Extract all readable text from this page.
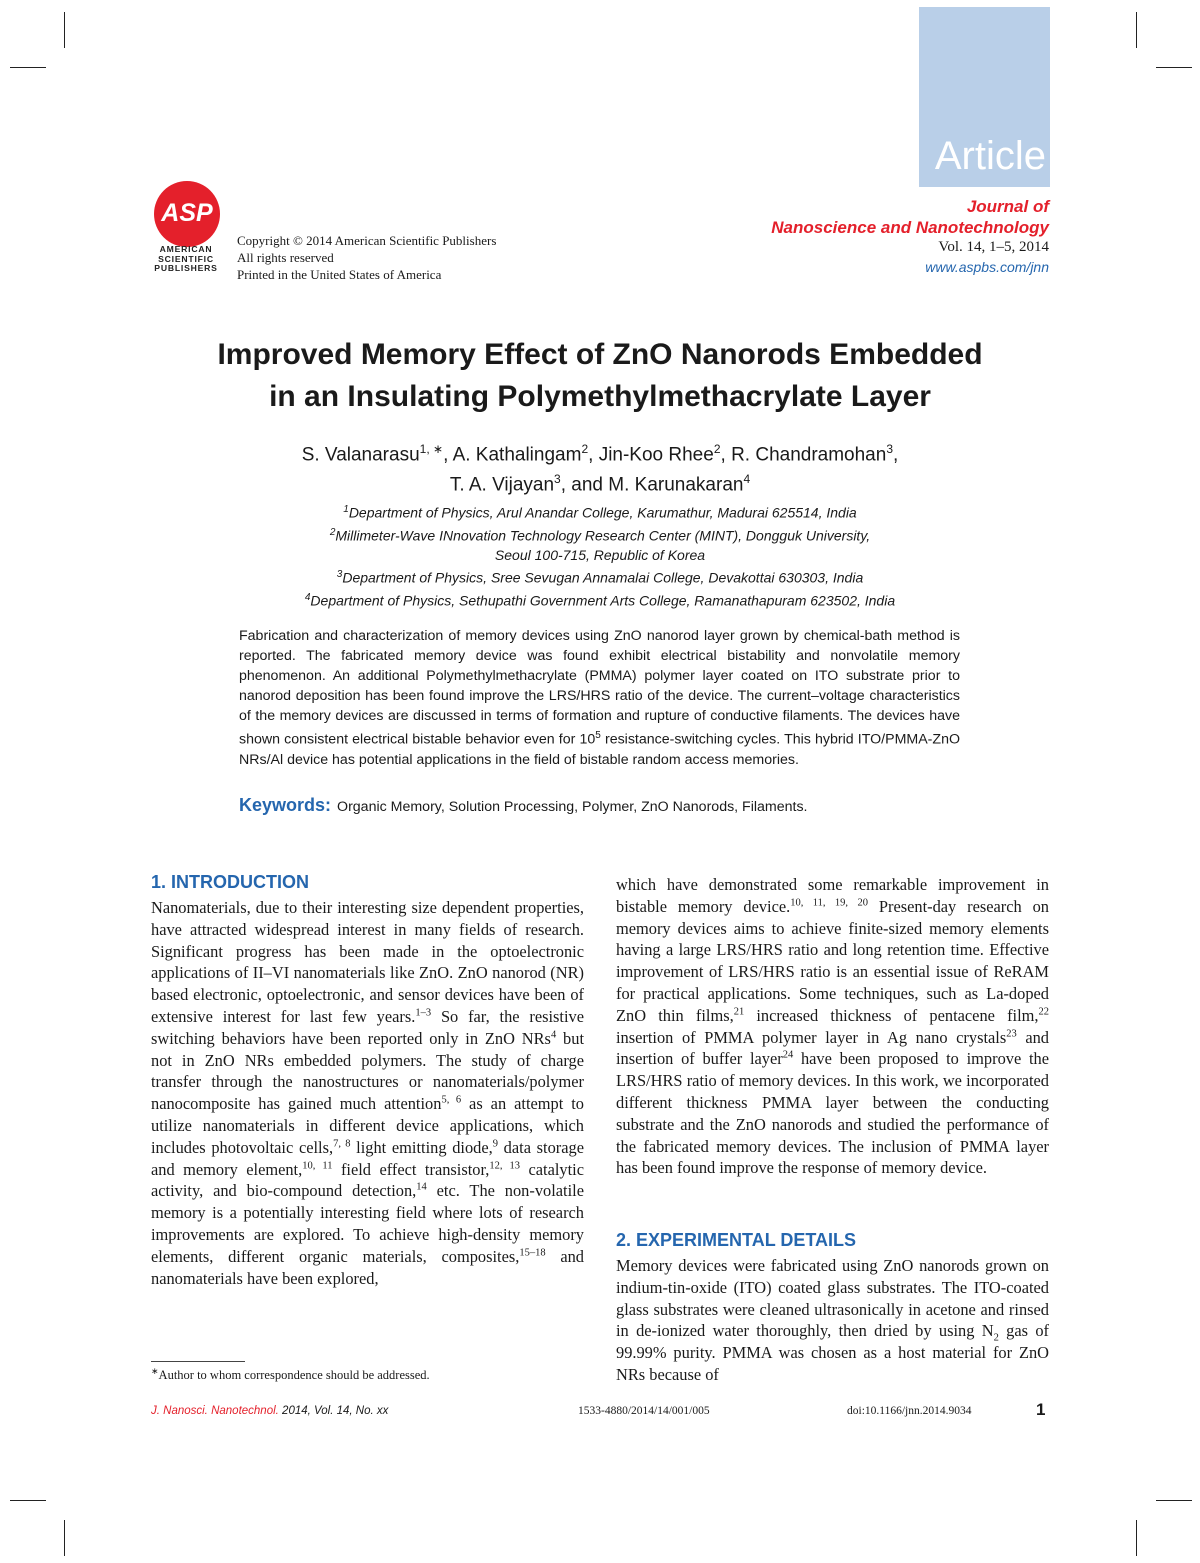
Article
ASP
AMERICAN
SCIENTIFIC
PUBLISHERS
Copyright © 2014 American Scientific Publishers
All rights reserved
Printed in the United States of America
Journal of
Nanoscience and Nanotechnology
Vol. 14, 1–5, 2014
www.aspbs.com/jnn
Improved Memory Effect of ZnO Nanorods Embedded
in an Insulating Polymethylmethacrylate Layer
S. Valanarasu$^{1, ∗}$, A. Kathalingam$^2$, Jin-Koo Rhee$^2$, R. Chandramohan$^3$,
T. A. Vijayan$^3$, and M. Karunakaran$^4$
$^1$Department of Physics, Arul Anandar College, Karumathur, Madurai 625514, India
$^2$Millimeter-Wave INnovation Technology Research Center (MINT), Dongguk University,
Seoul 100-715, Republic of Korea
$^3$Department of Physics, Sree Sevugan Annamalai College, Devakottai 630303, India
$^4$Department of Physics, Sethupathi Government Arts College, Ramanathapuram 623502, India
Fabrication and characterization of memory devices using ZnO nanorod layer grown by chemical-bath method is reported. The fabricated memory device was found exhibit electrical bistability and nonvolatile memory phenomenon. An additional Polymethylmethacrylate (PMMA) polymer layer coated on ITO substrate prior to nanorod deposition has been found improve the LRS/HRS ratio of the device. The current–voltage characteristics of the memory devices are discussed in terms of formation and rupture of conductive filaments. The devices have shown consistent electrical bistable behavior even for $10^5$ resistance-switching cycles. This hybrid ITO/PMMA-ZnO NRs/Al device has potential applications in the field of bistable random access memories.
Keywords: Organic Memory, Solution Processing, Polymer, ZnO Nanorods, Filaments.
1. INTRODUCTION

Nanomaterials, due to their interesting size dependent properties, have attracted widespread interest in many fields of research. Significant progress has been made in the optoelectronic applications of II–VI nanomaterials like ZnO. ZnO nanorod (NR) based electronic, optoelectronic, and sensor devices have been of extensive interest for last few years.$^{1-3}$ So far, the resistive switching behaviors have been reported only in ZnO NRs$^4$ but not in ZnO NRs embedded polymers. The study of charge transfer through the nanostructures or nanomaterials/polymer nanocomposite has gained much attention$^{5, 6}$ as an attempt to utilize nanomaterials in different device applications, which includes photovoltaic cells,$^{7, 8}$ light emitting diode,$^9$ data storage and memory element,$^{10, 11}$ field effect transistor,$^{12, 13}$ catalytic activity, and bio-compound detection,$^{14}$ etc. The non-volatile memory is a potentially interesting field where lots of research improvements are explored. To achieve high-density memory elements, different organic materials, composites,$^{15-18}$ and nanomaterials have been explored,

∗Author to whom correspondence should be addressed.

which have demonstrated some remarkable improvement in bistable memory device.$^{10, 11, 19, 20}$ Present-day research on memory devices aims to achieve finite-sized memory elements having a large LRS/HRS ratio and long retention time. Effective improvement of LRS/HRS ratio is an essential issue of ReRAM for practical applications. Some techniques, such as La-doped ZnO thin films,$^{21}$ increased thickness of pentacene film,$^{22}$ insertion of PMMA polymer layer in Ag nano crystals$^{23}$ and insertion of buffer layer$^{24}$ have been proposed to improve the LRS/HRS ratio of memory devices. In this work, we incorporated different thickness PMMA layer between the conducting substrate and the ZnO nanorods and studied the performance of the fabricated memory devices. The inclusion of PMMA layer has been found improve the response of memory device.

2. EXPERIMENTAL DETAILS

Memory devices were fabricated using ZnO nanorods grown on indium-tin-oxide (ITO) coated glass substrates. The ITO-coated glass substrates were cleaned ultrasonically in acetone and rinsed in de-ionized water thoroughly, then dried by using $N_2$ gas of 99.99% purity. PMMA was chosen as a host material for ZnO NRs because of

J. Nanosci. Nanotechnol. 2014, Vol. 14, No. xx	1533-4880/2014/14/001/005	doi:10.1166/jnn.2014.9034	1
